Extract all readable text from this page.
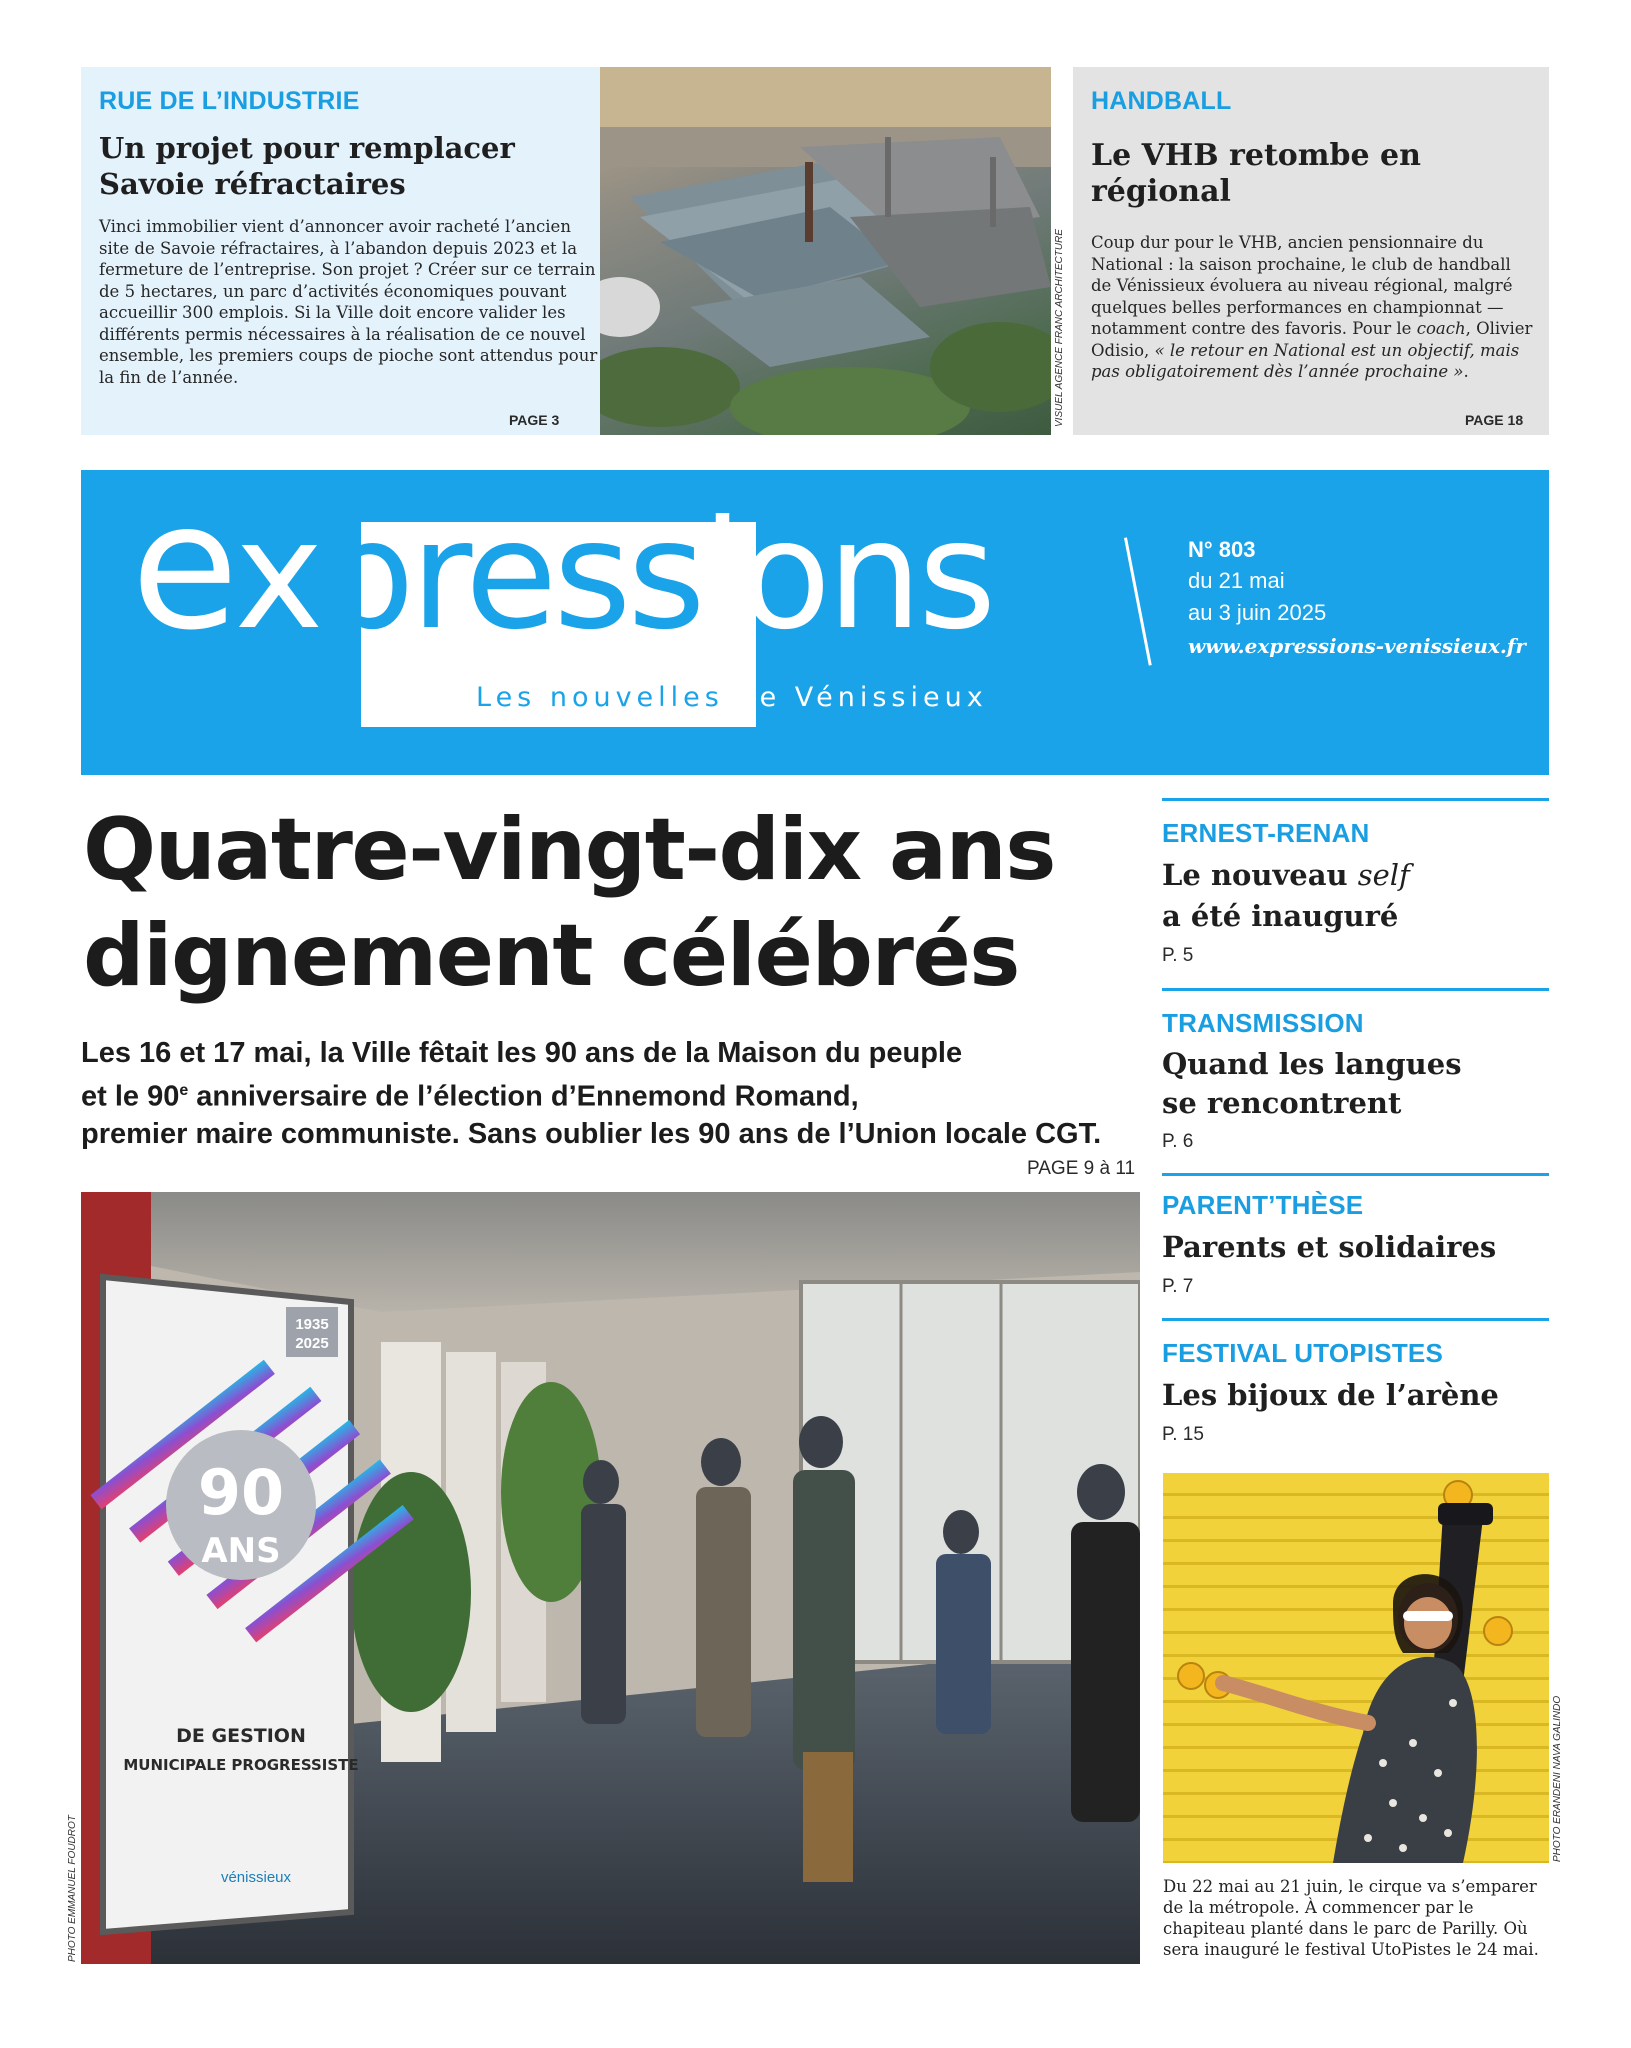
RUE DE L’INDUSTRIE
Un projet pour remplacer
Savoie réfractaires

Vinci immobilier vient d’annoncer avoir racheté l’ancien site de Savoie réfractaires, à l’abandon depuis 2023 et la fermeture de l’entreprise. Son projet ? Créer sur ce terrain de 5 hectares, un parc d’activités économiques pouvant accueillir 300 emplois. Si la Ville doit encore valider les différents permis nécessaires à la réalisation de ce nouvel ensemble, les premiers coups de pioche sont attendus pour la fin de l’année.

PAGE 3	VISUEL AGENCE FRANC ARCHITECTURE
HANDBALL
Le VHB retombe en régional

Coup dur pour le VHB, ancien pensionnaire du National : la saison prochaine, le club de handball de Vénissieux évoluera au niveau régional, malgré quelques belles performances en championnat — notamment contre des favoris. Pour le coach, Olivier Odisio, « le retour en National est un objectif, mais pas obligatoirement dès l’année prochaine ».

PAGE 18
expressions
Les nouvelles de Vénissieux
N° 803
du 21 mai
au 3 juin 2025
www.expressions-venissieux.fr
Quatre-vingt-dix ans
dignement célébrés
Les 16 et 17 mai, la Ville fêtait les 90 ans de la Maison du peuple
et le 90e anniversaire de l’élection d’Ennemond Romand,
premier maire communiste. Sans oublier les 90 ans de l’Union locale CGT.
PAGE 9 à 11
1935
2025
90
ANS
DE GESTION
MUNICIPALE PROGRESSISTE
vénissieux
PHOTO EMMANUEL FOUDROT
ERNEST-RENAN
Le nouveau self
a été inauguré
P. 5
TRANSMISSION
Quand les langues
se rencontrent
P. 6
PARENT’THÈSE
Parents et solidaires
P. 7
FESTIVAL UTOPISTES
Les bijoux de l’arène
P. 15
PHOTO ERANDENI NAVA GALINDO

Du 22 mai au 21 juin, le cirque va s’emparer de la métropole. À commencer par le chapiteau planté dans le parc de Parilly. Où sera inauguré le festival UtoPistes le 24 mai.
